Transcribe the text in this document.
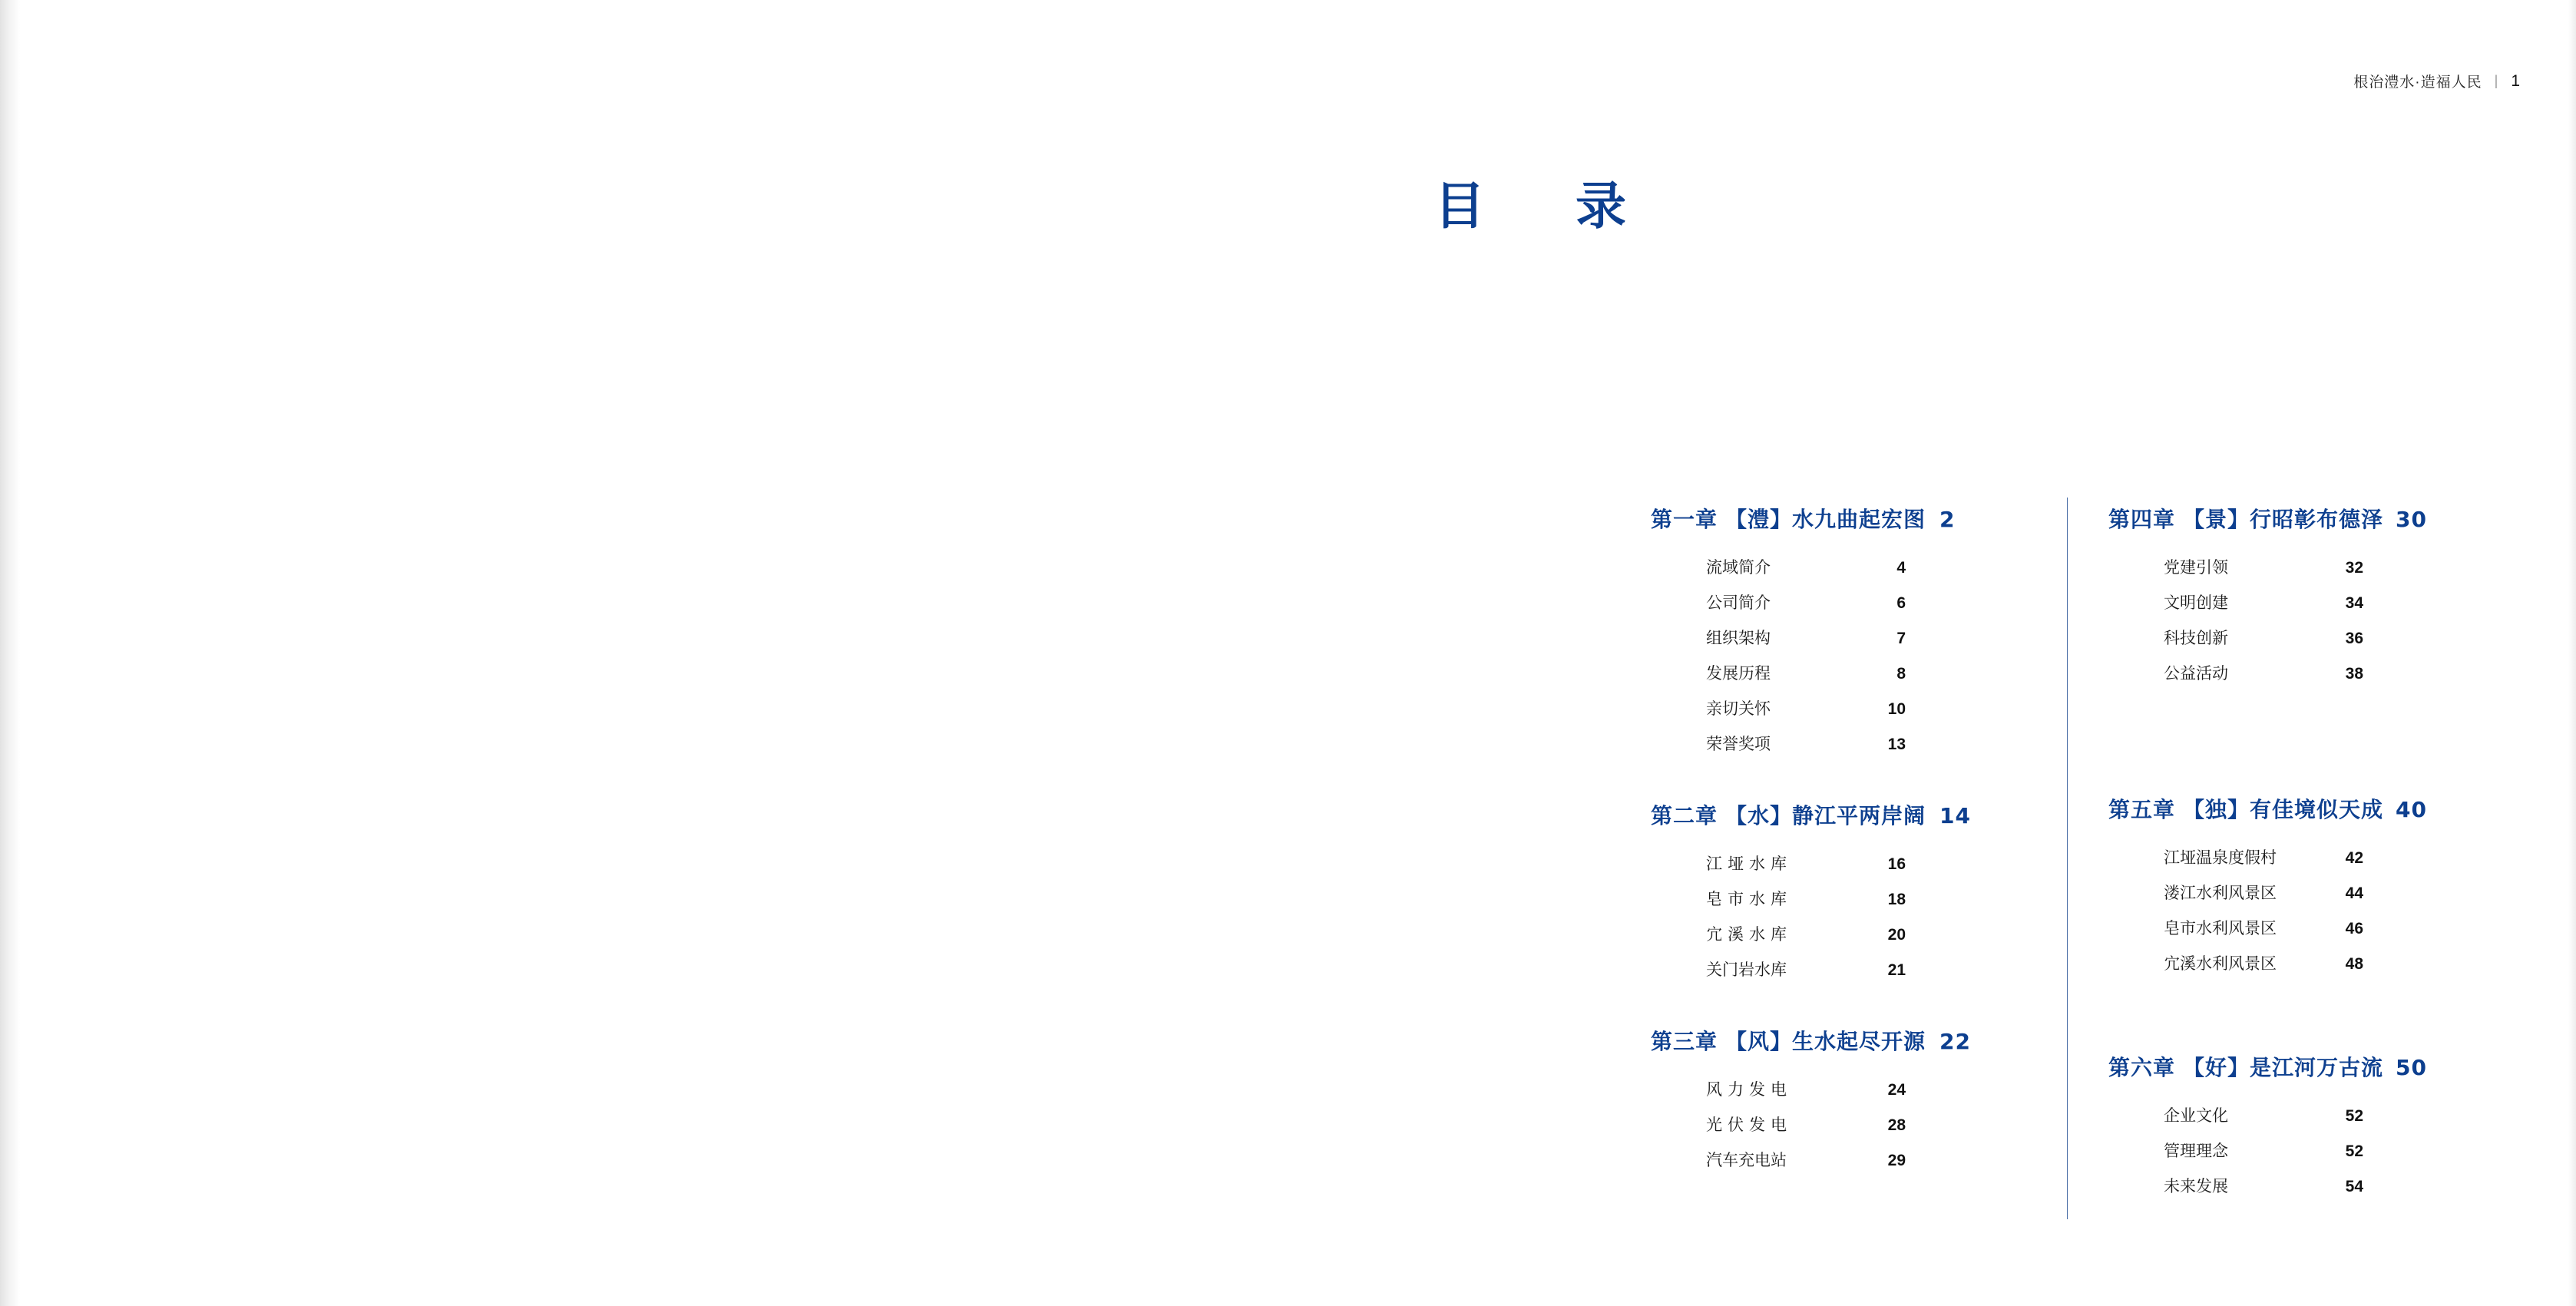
根治澧水·造福人民 | 1
目　录
第一章 【澧】水九曲起宏图 2
流域简介	4
公司简介	6
组织架构	7
发展历程	8
亲切关怀	10
荣誉奖项	13
第二章 【水】静江平两岸阔 14
江垭水库	16
皂市水库	18
宂溪水库	20
关门岩水库	21
第三章 【风】生水起尽开源 22
风力发电	24
光伏发电	28
汽车充电站	29
第四章 【景】行昭彰布德泽 30
党建引领	32
文明创建	34
科技创新	36
公益活动	38
第五章 【独】有佳境似天成 40
江垭温泉度假村	42
溇江水利风景区	44
皂市水利风景区	46
宂溪水利风景区	48
第六章 【好】是江河万古流 50
企业文化	52
管理理念	52
未来发展	54
